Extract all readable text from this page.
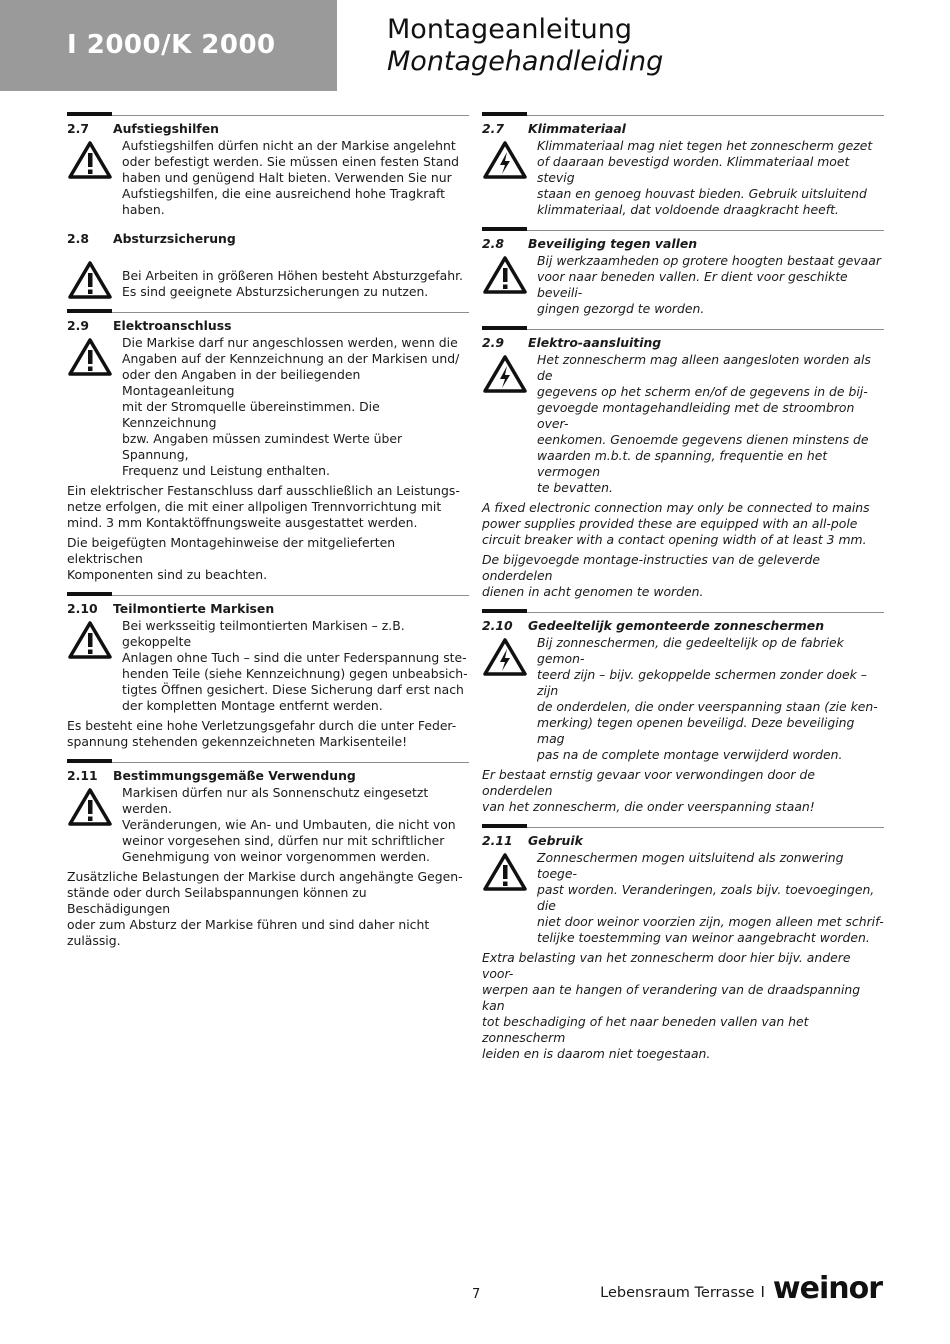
I 2000/K 2000	Montageanleitung
Montagehandleiding
2.7 Aufstiegshilfen
Aufstiegshilfen dürfen nicht an der Markise angelehnt
oder befestigt werden. Sie müssen einen festen Stand
haben und genügend Halt bieten. Verwenden Sie nur
Aufstiegshilfen, die eine ausreichend hohe Tragkraft
haben.
2.8 Absturzsicherung
Bei Arbeiten in größeren Höhen besteht Absturzgefahr.
Es sind geeignete Absturzsicherungen zu nutzen.
2.9 Elektroanschluss
Die Markise darf nur angeschlossen werden, wenn die
Angaben auf der Kennzeichnung an der Markisen und/
oder den Angaben in der beiliegenden Montageanleitung
mit der Stromquelle übereinstimmen. Die Kennzeichnung
bzw. Angaben müssen zumindest Werte über Spannung,
Frequenz und Leistung enthalten.
Ein elektrischer Festanschluss darf ausschließlich an Leistungs-
netze erfolgen, die mit einer allpoligen Trennvorrichtung mit
mind. 3 mm Kontaktöffnungsweite ausgestattet werden.
Die beigefügten Montagehinweise der mitgelieferten elektrischen
Komponenten sind zu beachten.
2.10 Teilmontierte Markisen
Bei werksseitig teilmontierten Markisen – z.B. gekoppelte
Anlagen ohne Tuch – sind die unter Federspannung ste-
henden Teile (siehe Kennzeichnung) gegen unbeabsich-
tigtes Öffnen gesichert. Diese Sicherung darf erst nach
der kompletten Montage entfernt werden.
Es besteht eine hohe Verletzungsgefahr durch die unter Feder-
spannung stehenden gekennzeichneten Markisenteile!
2.11 Bestimmungsgemäße Verwendung
Markisen dürfen nur als Sonnenschutz eingesetzt werden.
Veränderungen, wie An- und Umbauten, die nicht von
weinor vorgesehen sind, dürfen nur mit schriftlicher
Genehmigung von weinor vorgenommen werden.
Zusätzliche Belastungen der Markise durch angehängte Gegen-
stände oder durch Seilabspannungen können zu Beschädigungen
oder zum Absturz der Markise führen und sind daher nicht zulässig.
2.7 Klimmateriaal
Klimmateriaal mag niet tegen het zonnescherm gezet
of daaraan bevestigd worden. Klimmateriaal moet stevig
staan en genoeg houvast bieden. Gebruik uitsluitend
klimmateriaal, dat voldoende draagkracht heeft.
2.8 Beveiliging tegen vallen
Bij werkzaamheden op grotere hoogten bestaat gevaar
voor naar beneden vallen. Er dient voor geschikte beveili-
gingen gezorgd te worden.
2.9 Elektro-aansluiting
Het zonnescherm mag alleen aangesloten worden als de
gegevens op het scherm en/of de gegevens in de bij-
gevoegde montagehandleiding met de stroombron over-
eenkomen. Genoemde gegevens dienen minstens de
waarden m.b.t. de spanning, frequentie en het vermogen
te bevatten.
A fixed electronic connection may only be connected to mains
power supplies provided these are equipped with an all-pole
circuit breaker with a contact opening width of at least 3 mm.
De bijgevoegde montage-instructies van de geleverde onderdelen
dienen in acht genomen te worden.
2.10 Gedeeltelijk gemonteerde zonneschermen
Bij zonneschermen, die gedeeltelijk op de fabriek gemon-
teerd zijn – bijv. gekoppelde schermen zonder doek – zijn
de onderdelen, die onder veerspanning staan (zie ken-
merking) tegen openen beveiligd. Deze beveiliging mag
pas na de complete montage verwijderd worden.
Er bestaat ernstig gevaar voor verwondingen door de onderdelen
van het zonnescherm, die onder veerspanning staan!
2.11 Gebruik
Zonneschermen mogen uitsluitend als zonwering toege-
past worden. Veranderingen, zoals bijv. toevoegingen, die
niet door weinor voorzien zijn, mogen alleen met schrif-
telijke toestemming van weinor aangebracht worden.
Extra belasting van het zonnescherm door hier bijv. andere voor-
werpen aan te hangen of verandering van de draadspanning kan
tot beschadiging of het naar beneden vallen van het zonnescherm
leiden en is daarom niet toegestaan.
7	Lebensraum Terrasse I weinor
